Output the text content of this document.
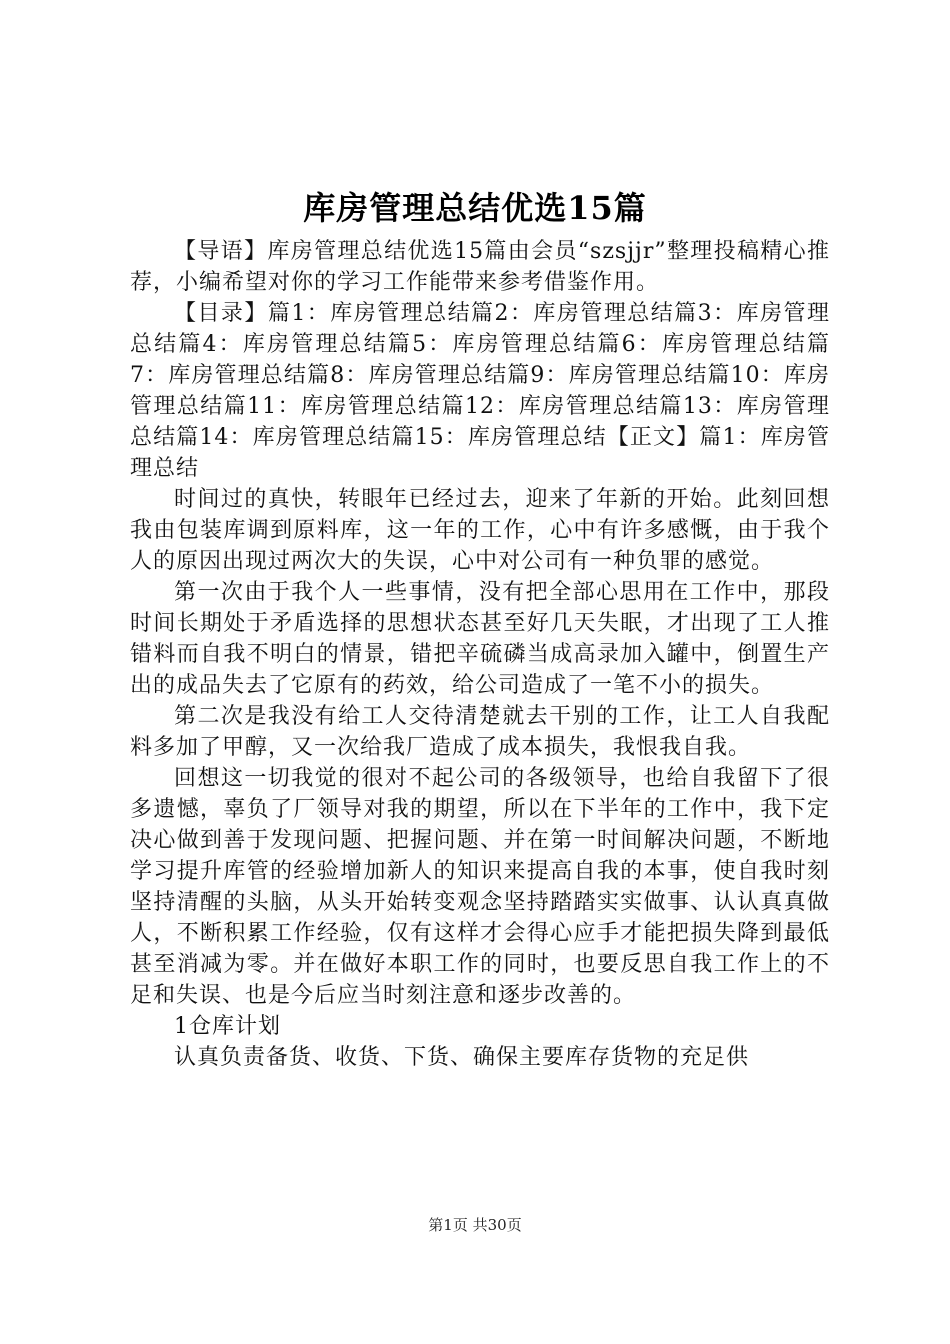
库房管理总结优选15篇

【导语】库房管理总结优选15篇由会员“szsjjr”整理投稿精心推荐，小编希望对你的学习工作能带来参考借鉴作用。

【目录】篇1：库房管理总结篇2：库房管理总结篇3：库房管理总结篇4：库房管理总结篇5：库房管理总结篇6：库房管理总结篇7：库房管理总结篇8：库房管理总结篇9：库房管理总结篇10：库房管理总结篇11：库房管理总结篇12：库房管理总结篇13：库房管理总结篇14：库房管理总结篇15：库房管理总结【正文】篇1：库房管理总结

时间过的真快，转眼年已经过去，迎来了年新的开始。此刻回想我由包装库调到原料库，这一年的工作，心中有许多感慨，由于我个人的原因出现过两次大的失误，心中对公司有一种负罪的感觉。

第一次由于我个人一些事情，没有把全部心思用在工作中，那段时间长期处于矛盾选择的思想状态甚至好几天失眠，才出现了工人推错料而自我不明白的情景，错把辛硫磷当成高录加入罐中，倒置生产出的成品失去了它原有的药效，给公司造成了一笔不小的损失。

第二次是我没有给工人交待清楚就去干别的工作，让工人自我配料多加了甲醇，又一次给我厂造成了成本损失，我恨我自我。

回想这一切我觉的很对不起公司的各级领导，也给自我留下了很多遗憾，辜负了厂领导对我的期望，所以在下半年的工作中，我下定决心做到善于发现问题、把握问题、并在第一时间解决问题，不断地学习提升库管的经验增加新人的知识来提高自我的本事，使自我时刻坚持清醒的头脑，从头开始转变观念坚持踏踏实实做事、认认真真做人，不断积累工作经验，仅有这样才会得心应手才能把损失降到最低甚至消减为零。并在做好本职工作的同时，也要反思自我工作上的不足和失误、也是今后应当时刻注意和逐步改善的。

1仓库计划

认真负责备货、收货、下货、确保主要库存货物的充足供

第1页 共30页
